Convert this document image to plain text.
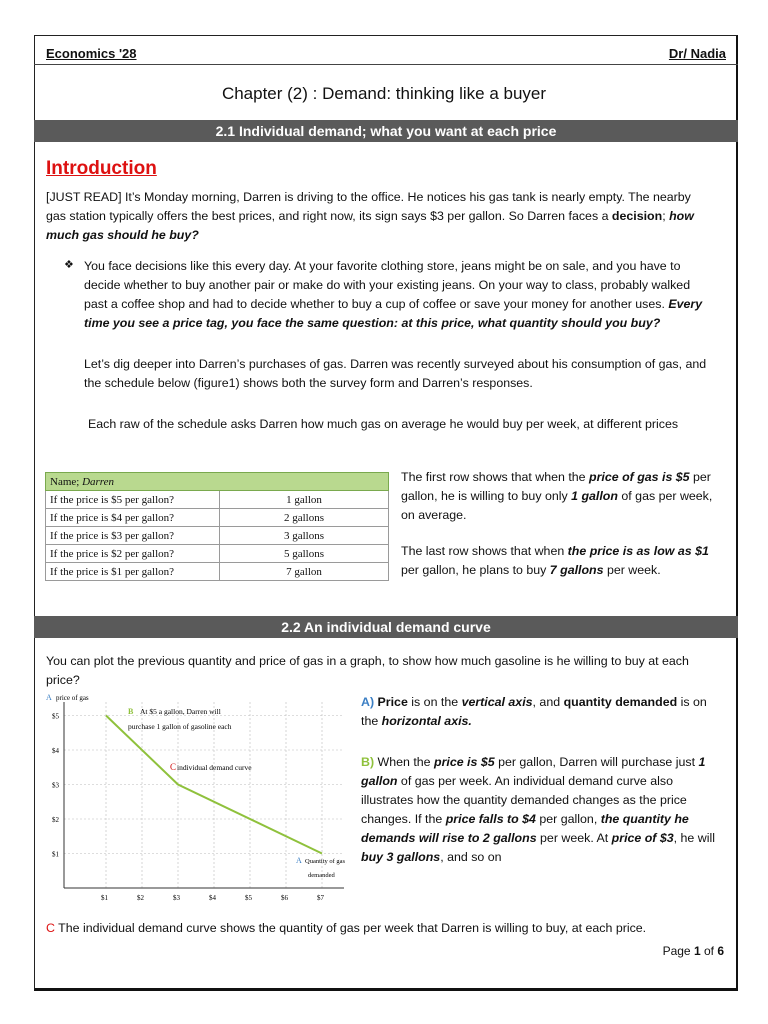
Economics '28	Dr/ Nadia
Chapter (2) : Demand: thinking like a buyer
2.1 Individual demand; what you want at each price
Introduction
[JUST READ] It’s Monday morning, Darren is driving to the office. He notices his gas tank is nearly empty. The nearby gas station typically offers the best prices, and right now, its sign says $3 per gallon. So Darren faces a decision; how much gas should he buy?
❖ You face decisions like this every day. At your favorite clothing store, jeans might be on sale, and you have to decide whether to buy another pair or make do with your existing jeans. On your way to class, probably walked past a coffee shop and had to decide whether to buy a cup of coffee or save your money for another uses. Every time you see a price tag, you face the same question: at this price, what quantity should you buy?
Let’s dig deeper into Darren’s purchases of gas. Darren was recently surveyed about his consumption of gas, and the schedule below (figure1) shows both the survey form and Darren’s responses.
Each raw of the schedule asks Darren how much gas on average he would buy per week, at different prices
Name; Darren	
If the price is $5 per gallon?	1 gallon
If the price is $4 per gallon?	2 gallons
If the price is $3 per gallon?	3 gallons
If the price is $2 per gallon?	5 gallons
If the price is $1 per gallon?	7 gallon
The first row shows that when the price of gas is $5 per gallon, he is willing to buy only 1 gallon of gas per week, on average.
The last row shows that when the price is as low as $1 per gallon, he plans to buy 7 gallons per week.
2.2 An individual demand curve
You can plot the previous quantity and price of gas in a graph, to show how much gasoline is he willing to buy at each price?
A price of gas
$5
$4
$3
$2
$1
$1	$2	$3	$4	$5	$6	$7
B At $5 a gallon, Darren will
purchase 1 gallon of gasoline each
C individual demand curve
A Quantity of gas
demanded
A) Price is on the vertical axis, and quantity demanded is on the horizontal axis.
B) When the price is $5 per gallon, Darren will purchase just 1 gallon of gas per week. An individual demand curve also illustrates how the quantity demanded changes as the price changes. If the price falls to $4 per gallon, the quantity he demands will rise to 2 gallons per week. At price of $3, he will buy 3 gallons, and so on
C The individual demand curve shows the quantity of gas per week that Darren is willing to buy, at each price.
Page 1 of 6
